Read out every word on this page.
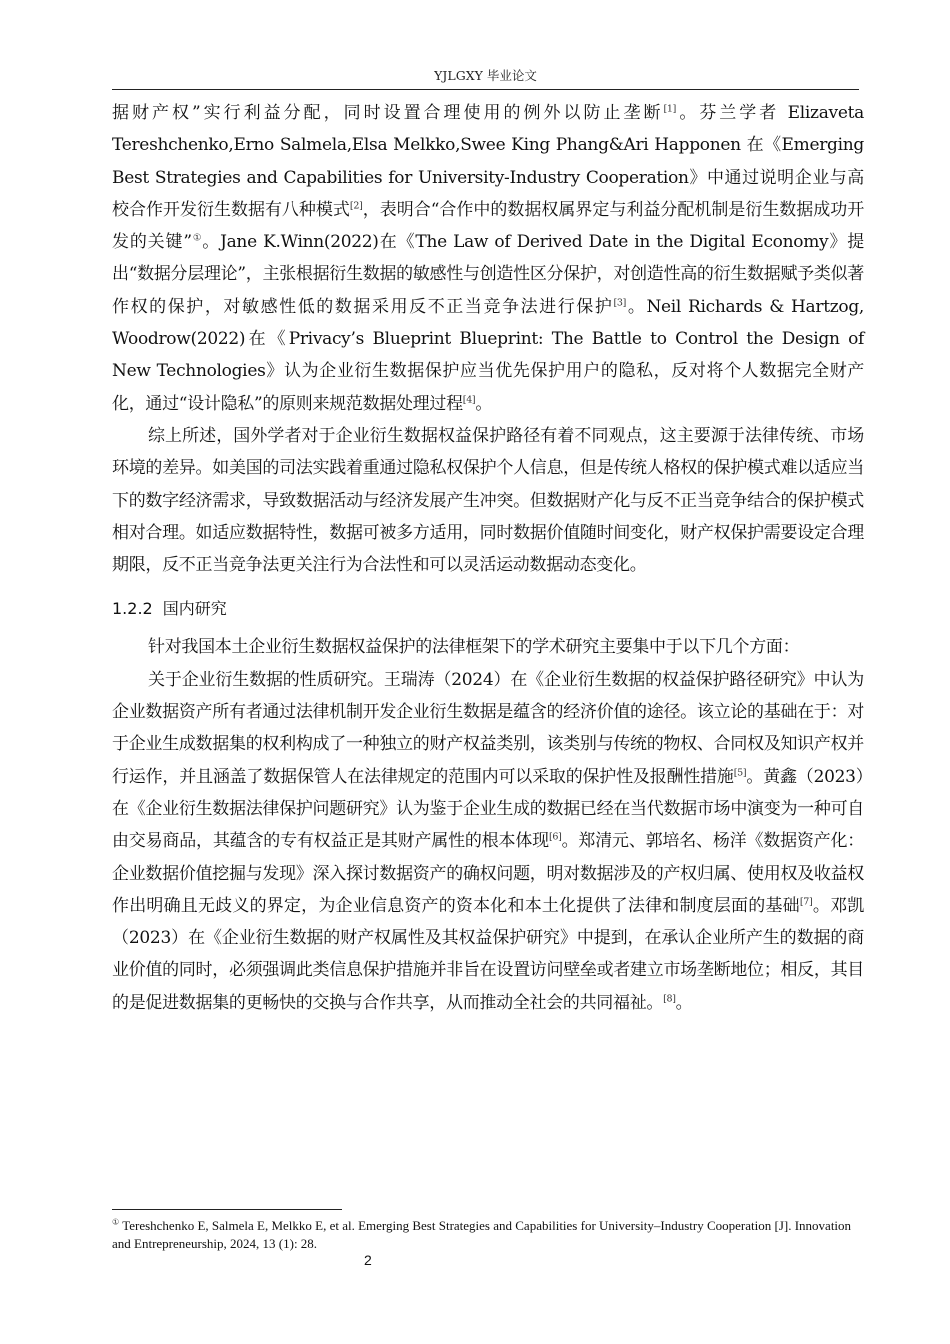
YJLGXY 毕业论文

据财产权”实行利益分配，同时设置合理使用的例外以防止垄断[1]。芬兰学者 Elizaveta Tereshchenko,Erno Salmela,Elsa Melkko,Swee King Phang&Ari Happonen 在《Emerging Best Strategies and Capabilities for University‑Industry Cooperation》中通过说明企业与高校合作开发衍生数据有八种模式[2]，表明合“合作中的数据权属界定与利益分配机制是衍生数据成功开发的关键”①。Jane K.Winn(2022)在《The Law of Derived Date in the Digital Economy》提出“数据分层理论”，主张根据衍生数据的敏感性与创造性区分保护，对创造性高的衍生数据赋予类似著作权的保护，对敏感性低的数据采用反不正当竞争法进行保护[3]。Neil Richards & Hartzog, Woodrow(2022)在《Privacy’s Blueprint Blueprint: The Battle to Control the Design of New Technologies》认为企业衍生数据保护应当优先保护用户的隐私，反对将个人数据完全财产化，通过“设计隐私”的原则来规范数据处理过程[4]。

综上所述，国外学者对于企业衍生数据权益保护路径有着不同观点，这主要源于法律传统、市场环境的差异。如美国的司法实践着重通过隐私权保护个人信息，但是传统人格权的保护模式难以适应当下的数字经济需求，导致数据活动与经济发展产生冲突。但数据财产化与反不正当竞争结合的保护模式相对合理。如适应数据特性，数据可被多方适用，同时数据价值随时间变化，财产权保护需要设定合理期限，反不正当竞争法更关注行为合法性和可以灵活运动数据动态变化。

1.2.2 国内研究

针对我国本土企业衍生数据权益保护的法律框架下的学术研究主要集中于以下几个方面：

关于企业衍生数据的性质研究。王瑞涛（2024）在《企业衍生数据的权益保护路径研究》中认为企业数据资产所有者通过法律机制开发企业衍生数据是蕴含的经济价值的途径。该立论的基础在于：对于企业生成数据集的权利构成了一种独立的财产权益类别，该类别与传统的物权、合同权及知识产权并行运作，并且涵盖了数据保管人在法律规定的范围内可以采取的保护性及报酬性措施[5]。黄鑫（2023）在《企业衍生数据法律保护问题研究》认为鉴于企业生成的数据已经在当代数据市场中演变为一种可自由交易商品，其蕴含的专有权益正是其财产属性的根本体现[6]。郑清元、郭培名、杨洋《数据资产化：企业数据价值挖掘与发现》深入探讨数据资产的确权问题，明对数据涉及的产权归属、使用权及收益权作出明确且无歧义的界定，为企业信息资产的资本化和本土化提供了法律和制度层面的基础[7]。邓凯（2023）在《企业衍生数据的财产权属性及其权益保护研究》中提到，在承认企业所产生的数据的商业价值的同时，必须强调此类信息保护措施并非旨在设置访问壁垒或者建立市场垄断地位；相反，其目的是促进数据集的更畅快的交换与合作共享，从而推动全社会的共同福祉。[8]。

① Tereshchenko E, Salmela E, Melkko E, et al. Emerging Best Strategies and Capabilities for University–Industry Cooperation [J]. Innovation and Entrepreneurship, 2024, 13 (1): 28.
2
